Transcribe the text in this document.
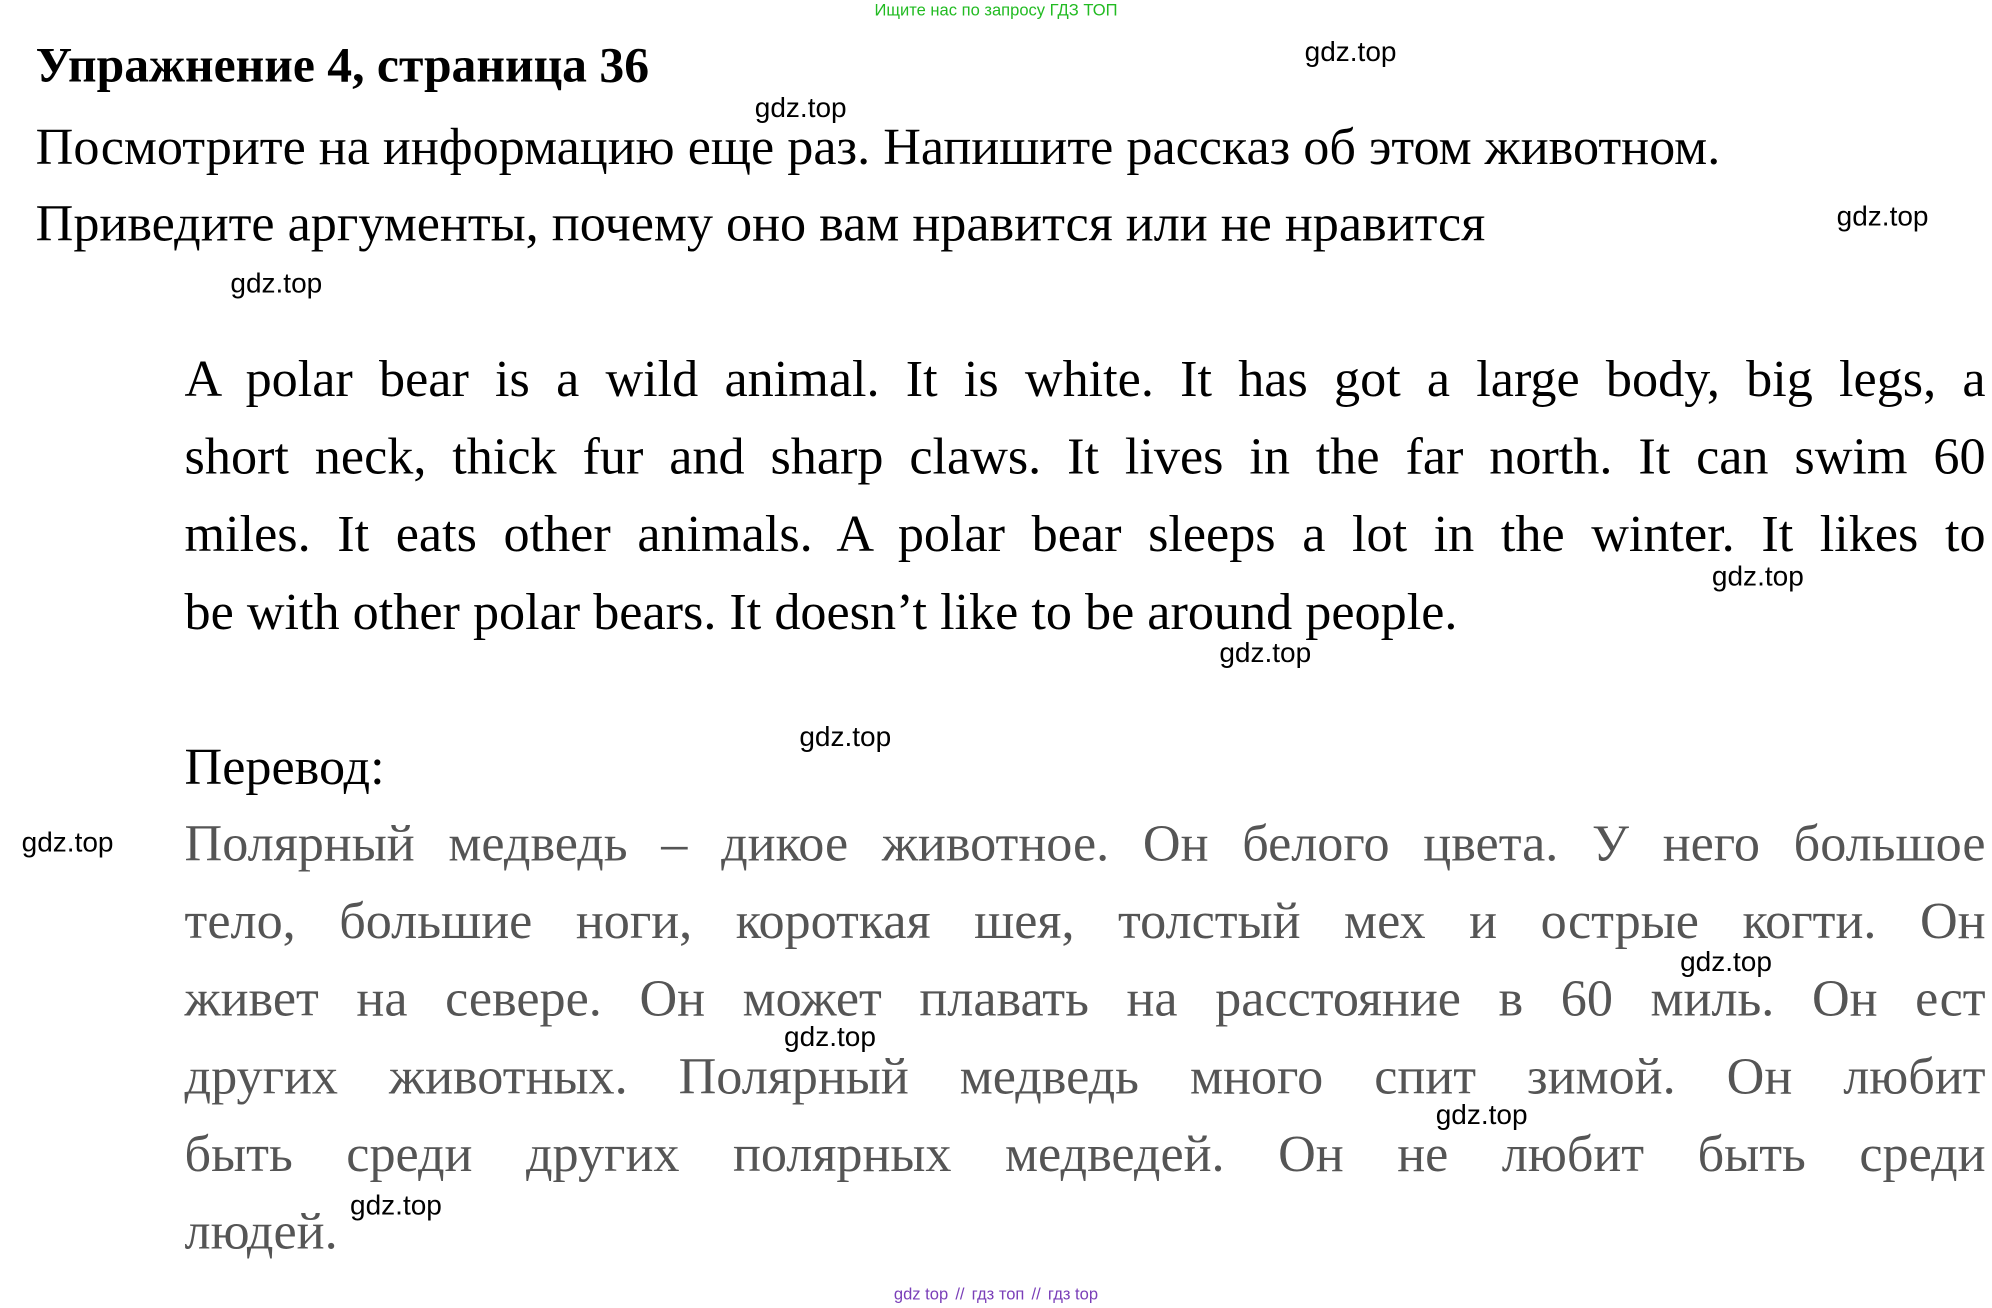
Ищите нас по запросу ГДЗ ТОП
Упражнение 4, страница 36
Посмотрите на информацию еще раз. Напишите рассказ об этом животном.
Приведите аргументы, почему оно вам нравится или не нравится
A polar bear is a wild animal. It is white. It has got a large body, big legs, a
short neck, thick fur and sharp claws. It lives in the far north. It can swim 60
miles. It eats other animals. A polar bear sleeps a lot in the winter. It likes to
be with other polar bears. It doesn’t like to be around people.
Перевод:
Полярный медведь – дикое животное. Он белого цвета. У него большое
тело, большие ноги, короткая шея, толстый мех и острые когти. Он
живет на севере. Он может плавать на расстояние в 60 миль. Он ест
других животных. Полярный медведь много спит зимой. Он любит
быть среди других полярных медведей. Он не любит быть среди
людей.
gdz.top
gdz.top
gdz.top
gdz.top
gdz.top
gdz.top
gdz.top
gdz.top
gdz.top
gdz.top
gdz.top
gdz.top
gdz top // гдз топ // гдз top
